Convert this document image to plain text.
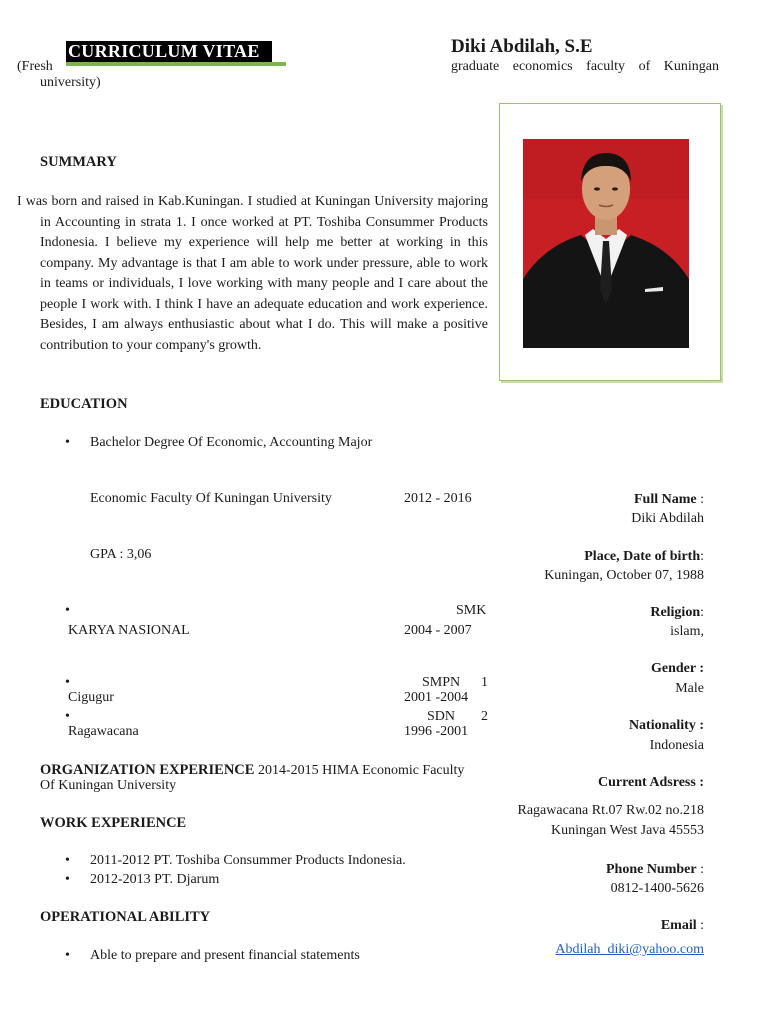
CURRICULUM VITAE	Diki Abdilah, S.E
(Fresh	graduate economics faculty of Kuningan
university)
SUMMARY
I was born and raised in Kab.Kuningan. I studied at Kuningan University majoring in Accounting in strata 1. I once worked at PT. Toshiba Consummer Products Indonesia. I believe my experience will help me better at working in this company. My advantage is that I am able to work under pressure, able to work in teams or individuals, I love working with many people and I care about the people I work with. I think I have an adequate education and work experience. Besides, I am always enthusiastic about what I do. This will make a positive contribution to your company's growth.
EDUCATION
• Bachelor Degree Of Economic, Accounting Major
Economic Faculty Of Kuningan University	2012 - 2016
GPA : 3,06
•	SMK
KARYA NASIONAL	2004 - 2007
•	SMPN 1
Cigugur	2001 -2004
•	SDN 2
Ragawacana	1996 -2001
ORGANIZATION EXPERIENCE 2014-2015 HIMA Economic Faculty
Of Kuningan University
WORK EXPERIENCE
• 2011-2012 PT. Toshiba Consummer Products Indonesia.
• 2012-2013 PT. Djarum
OPERATIONAL ABILITY
• Able to prepare and present financial statements
Full Name :
Diki Abdilah
Place, Date of birth:
Kuningan, October 07, 1988
Religion:
islam,
Gender :
Male
Nationality :
Indonesia
Current Adsress :
Ragawacana Rt.07 Rw.02 no.218
Kuningan West Java 45553
Phone Number :
0812-1400-5626
Email :
Abdilah_diki@yahoo.com
